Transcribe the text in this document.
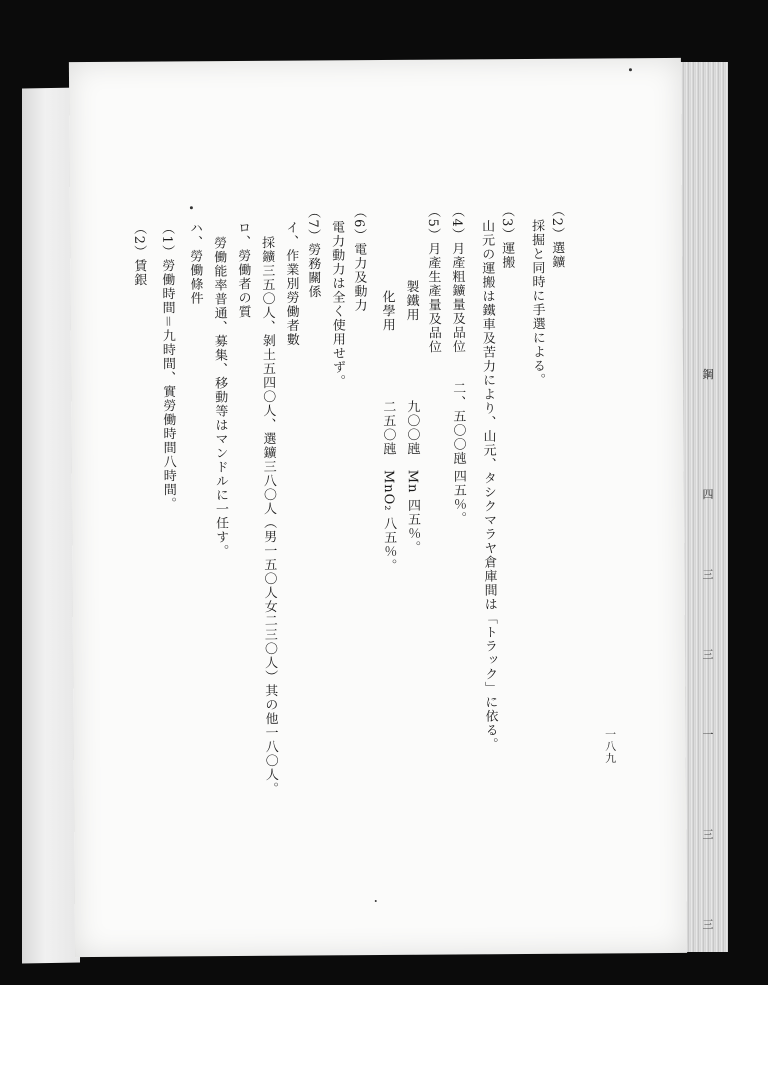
鋼
四
三
三
一
三
三
（2）選鑛
採掘と同時に手選による。
（3）運搬
山元の運搬は鐵車及苦力により、山元、タシクマラヤ倉庫間は「トラック」に依る。
（4）月產粗鑛量及品位
二、五〇〇瓲
四五％。
（5）月產生產量及品位
製鐵用
九〇〇瓲
Mn 四五％。
化學用
二五〇瓲
MnO₂ 八五％。
（6）電力及動力
電力動力は全く使用せず。
（7）勞務關係
イ、作業別勞働者數
採鑛三五〇人、剝土五四〇人、選鑛三八〇人（男一五〇人女二三〇人）其の他一八〇人。
ロ、勞働者の質
勞働能率普通、募集、移動等はマンドルに一任す。
ハ、勞働條件
（1）勞働時間＝九時間、實勞働時間八時間。
（2）賃銀
一八九
